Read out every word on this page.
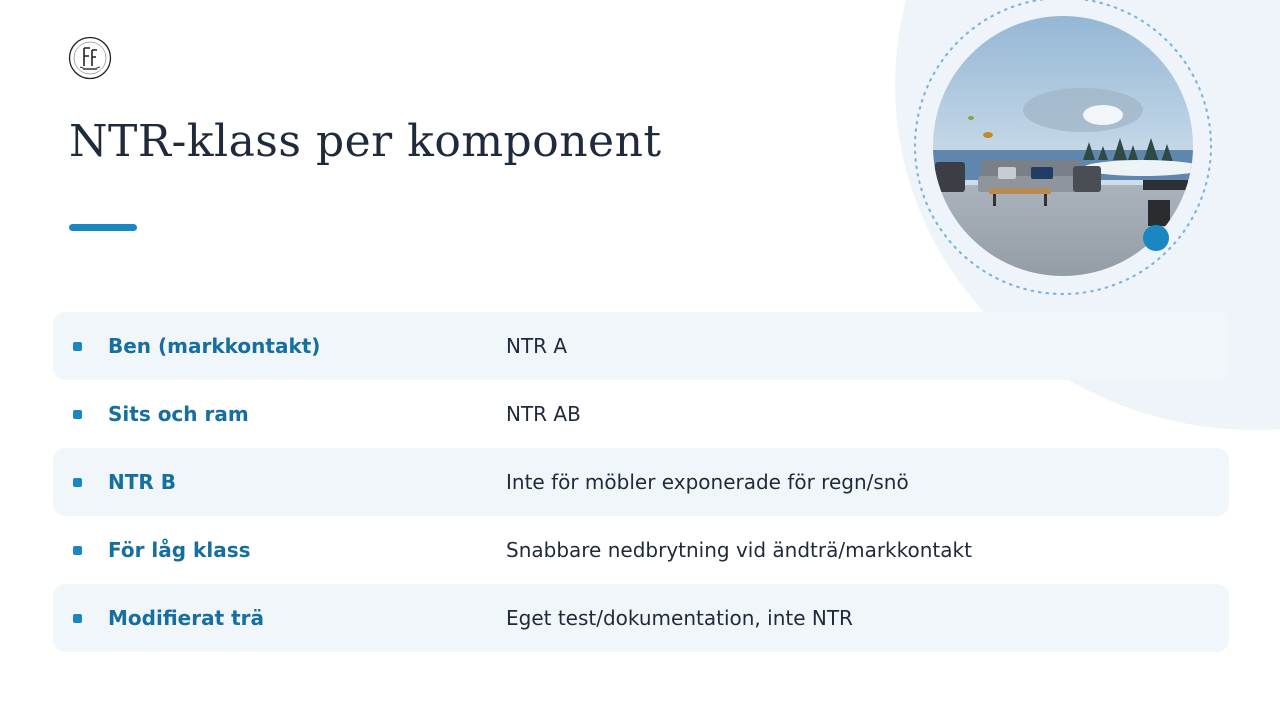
NTR-klass per komponent
Ben (markkontakt)	NTR A
Sits och ram	NTR AB
NTR B	Inte för möbler exponerade för regn/snö
För låg klass	Snabbare nedbrytning vid ändträ/markkontakt
Modifierat trä	Eget test/dokumentation, inte NTR
